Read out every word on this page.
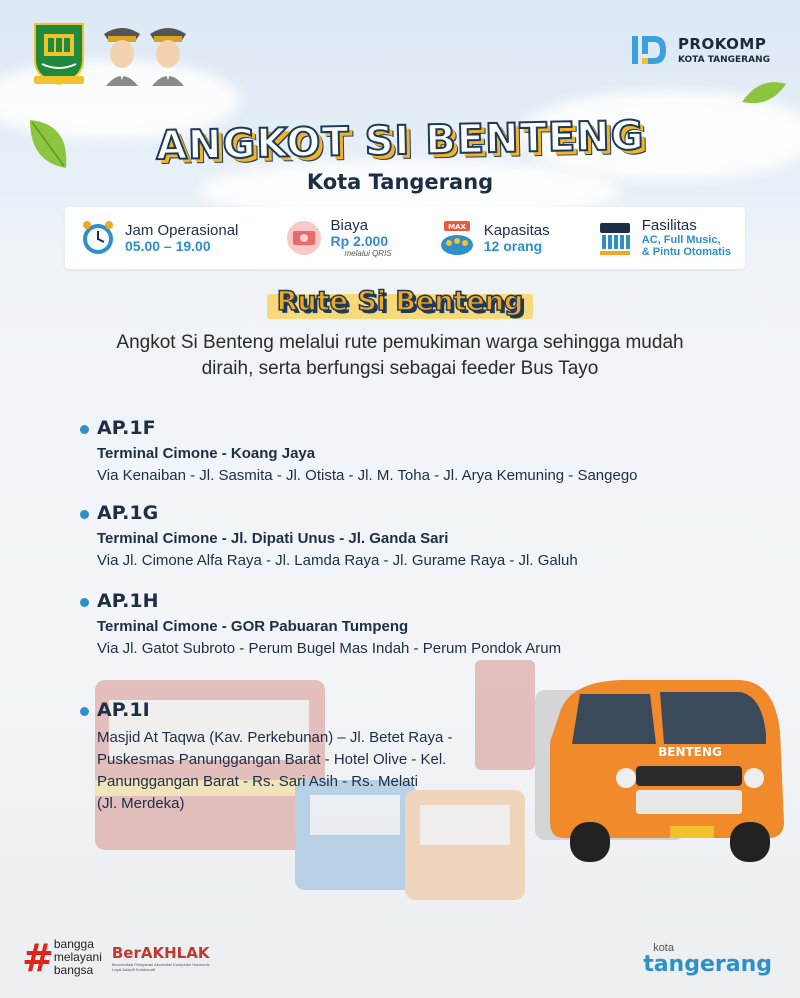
PROKOMP
KOTA TANGERANG
ANGKOT SI BENTENG
Kota Tangerang
Jam Operasional
05.00 – 19.00
Biaya
Rp 2.000
melalui QRIS
MAX Kapasitas
12 orang
Fasilitas
AC, Full Music,
& Pintu Otomatis
Rute Si Benteng
Angkot Si Benteng melalui rute pemukiman warga sehingga mudah
diraih, serta berfungsi sebagai feeder Bus Tayo
AP.1F
Terminal Cimone - Koang Jaya
Via Kenaiban - Jl. Sasmita - Jl. Otista - Jl. M. Toha - Jl. Arya Kemuning - Sangego
AP.1G
Terminal Cimone - Jl. Dipati Unus - Jl. Ganda Sari
Via Jl. Cimone Alfa Raya - Jl. Lamda Raya - Jl. Gurame Raya - Jl. Galuh
AP.1H
Terminal Cimone - GOR Pabuaran Tumpeng
Via Jl. Gatot Subroto - Perum Bugel Mas Indah - Perum Pondok Arum
AP.1I
Masjid At Taqwa (Kav. Perkebunan) – Jl. Betet Raya -
Puskesmas Panunggangan Barat - Hotel Olive - Kel.
Panunggangan Barat - Rs. Sari Asih - Rs. Melati
(Jl. Merdeka)
BENTENG
# bangga
melayani
bangsa
BerAKHLAK
Berorientasi Pelayanan Akuntabel Kompeten Harmonis Loyal Adaptif Kolaboratif
kota
tangerang
